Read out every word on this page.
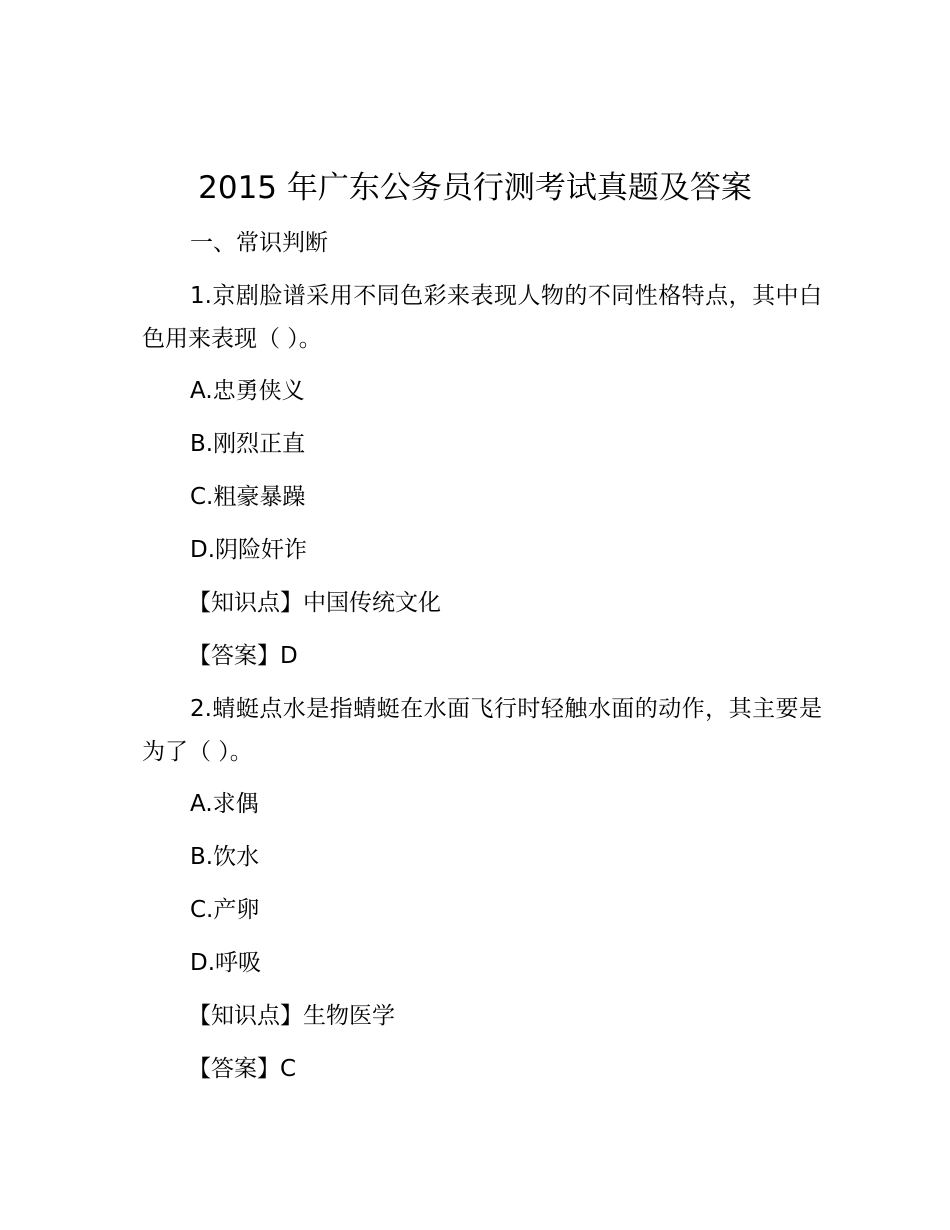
2015 年广东公务员行测考试真题及答案
一、常识判断
1.京剧脸谱采用不同色彩来表现人物的不同性格特点，其中白色用来表现（ ）。
A.忠勇侠义
B.刚烈正直
C.粗豪暴躁
D.阴险奸诈
【知识点】中国传统文化
【答案】D
2.蜻蜓点水是指蜻蜓在水面飞行时轻触水面的动作，其主要是为了（ ）。
A.求偶
B.饮水
C.产卵
D.呼吸
【知识点】生物医学
【答案】C
